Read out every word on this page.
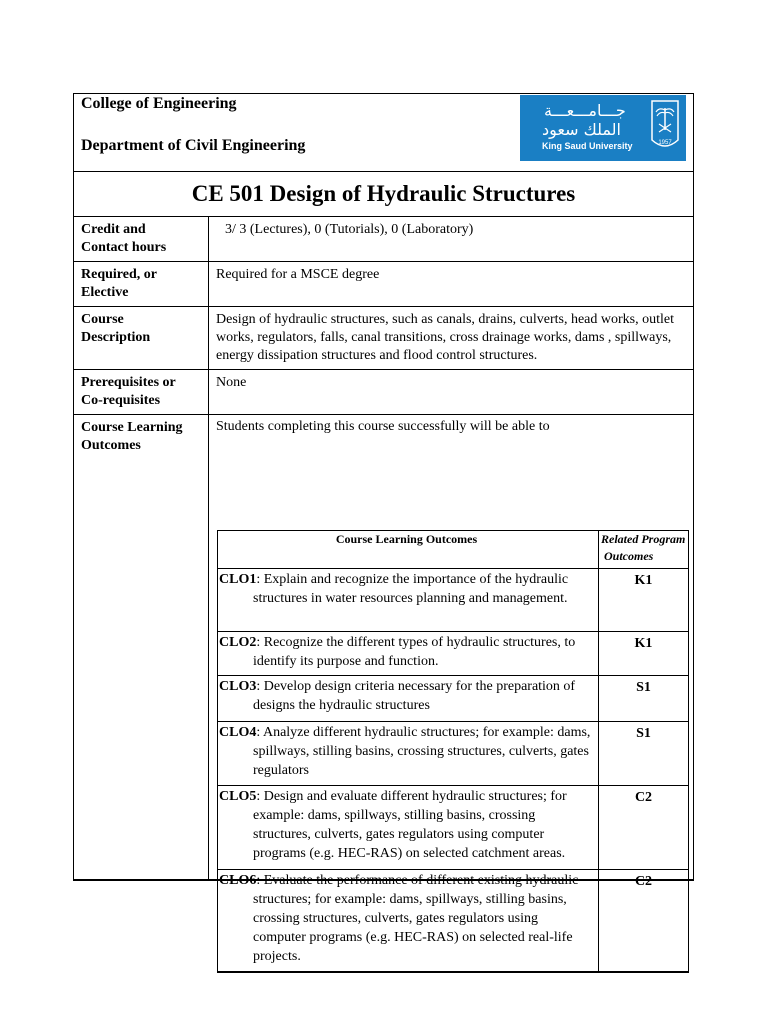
College of Engineering
Department of Civil Engineering
جـــامـــعـــة
الملك سعود
King Saud University	1957
CE 501 Design of Hydraulic Structures
Credit and
Contact hours
3/ 3 (Lectures), 0 (Tutorials), 0 (Laboratory)
Required, or
Elective
Required for a MSCE degree
Course
Description
Design of hydraulic structures, such as canals, drains, culverts, head works, outlet works, regulators, falls, canal transitions, cross drainage works, dams , spillways, energy dissipation structures and flood control structures.
Prerequisites or
Co-requisites
None
Course Learning
Outcomes
Students completing this course successfully will be able to
Course Learning Outcomes	Related Program
Outcomes
CLO1: Explain and recognize the importance of the hydraulic structures in water resources planning and management.
K1
CLO2: Recognize the different types of hydraulic structures, to identify its purpose and function.
K1
CLO3: Develop design criteria necessary for the preparation of designs the hydraulic structures
S1
CLO4: Analyze different hydraulic structures; for example: dams, spillways, stilling basins, crossing structures, culverts, gates regulators
S1
CLO5: Design and evaluate different hydraulic structures; for example: dams, spillways, stilling basins, crossing structures, culverts, gates regulators using computer programs (e.g. HEC-RAS) on selected catchment areas.
C2
CLO6: Evaluate the performance of different existing hydraulic structures; for example: dams, spillways, stilling basins, crossing structures, culverts, gates regulators using computer programs (e.g. HEC-RAS) on selected real-life projects.
C2
